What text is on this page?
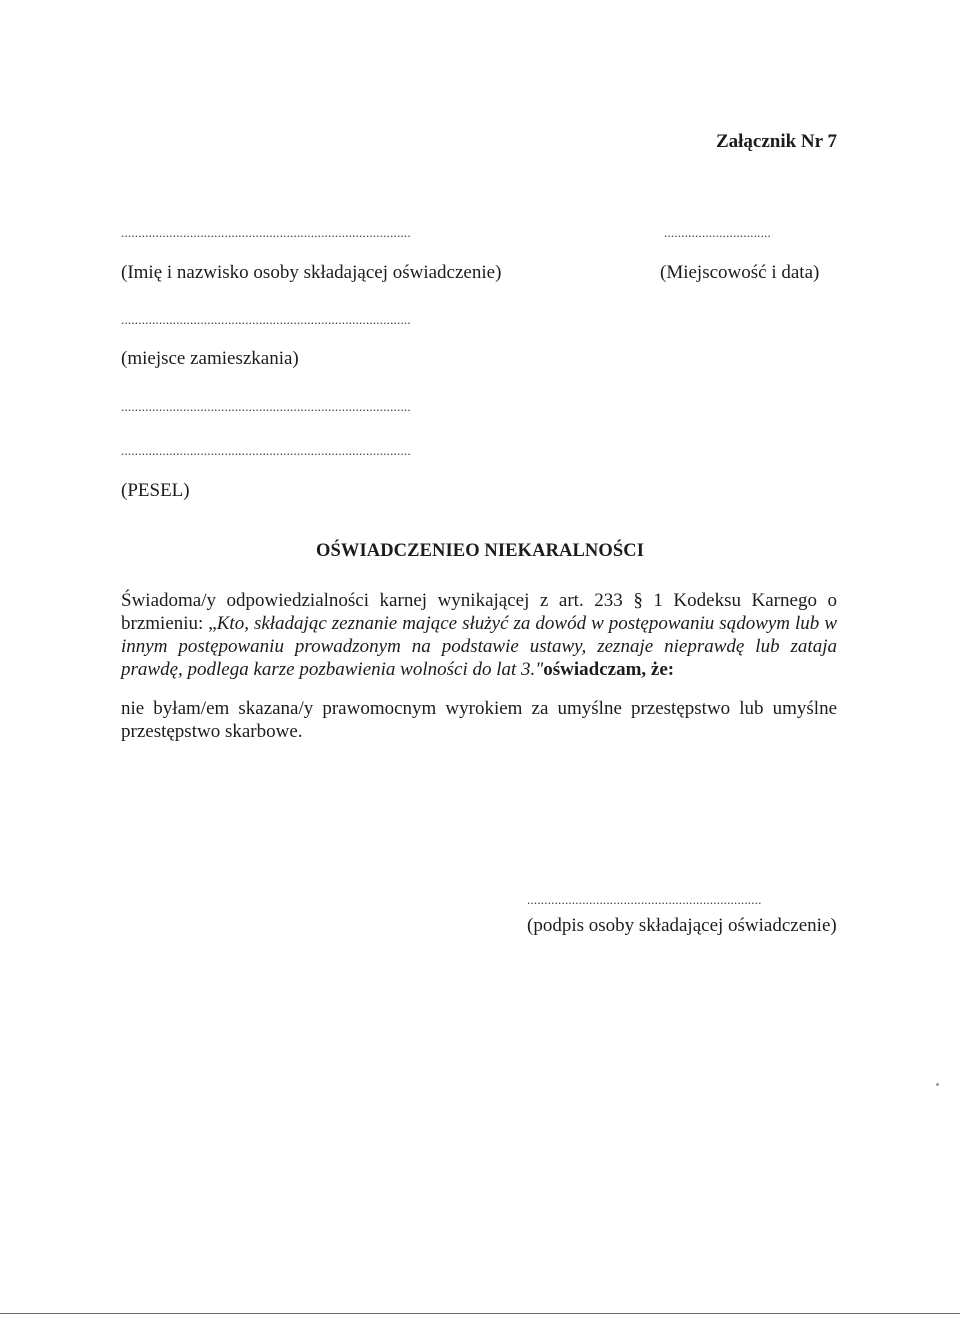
Załącznik Nr 7
....................................................................................	...............................
(Imię i nazwisko osoby składającej oświadczenie)	(Miejscowość i data)
....................................................................................
(miejsce zamieszkania)
....................................................................................
....................................................................................
(PESEL)
OŚWIADCZENIEO NIEKARALNOŚCI
Świadoma/y odpowiedzialności karnej wynikającej z art. 233 § 1 Kodeksu Karnego o brzmieniu: „Kto, składając zeznanie mające służyć za dowód w postępowaniu sądowym lub w innym postępowaniu prowadzonym na podstawie ustawy, zeznaje nieprawdę lub zataja prawdę, podlega karze pozbawienia wolności do lat 3."oświadczam, że:
nie byłam/em skazana/y prawomocnym wyrokiem za umyślne przestępstwo lub umyślne przestępstwo skarbowe.
....................................................................
(podpis osoby składającej oświadczenie)
